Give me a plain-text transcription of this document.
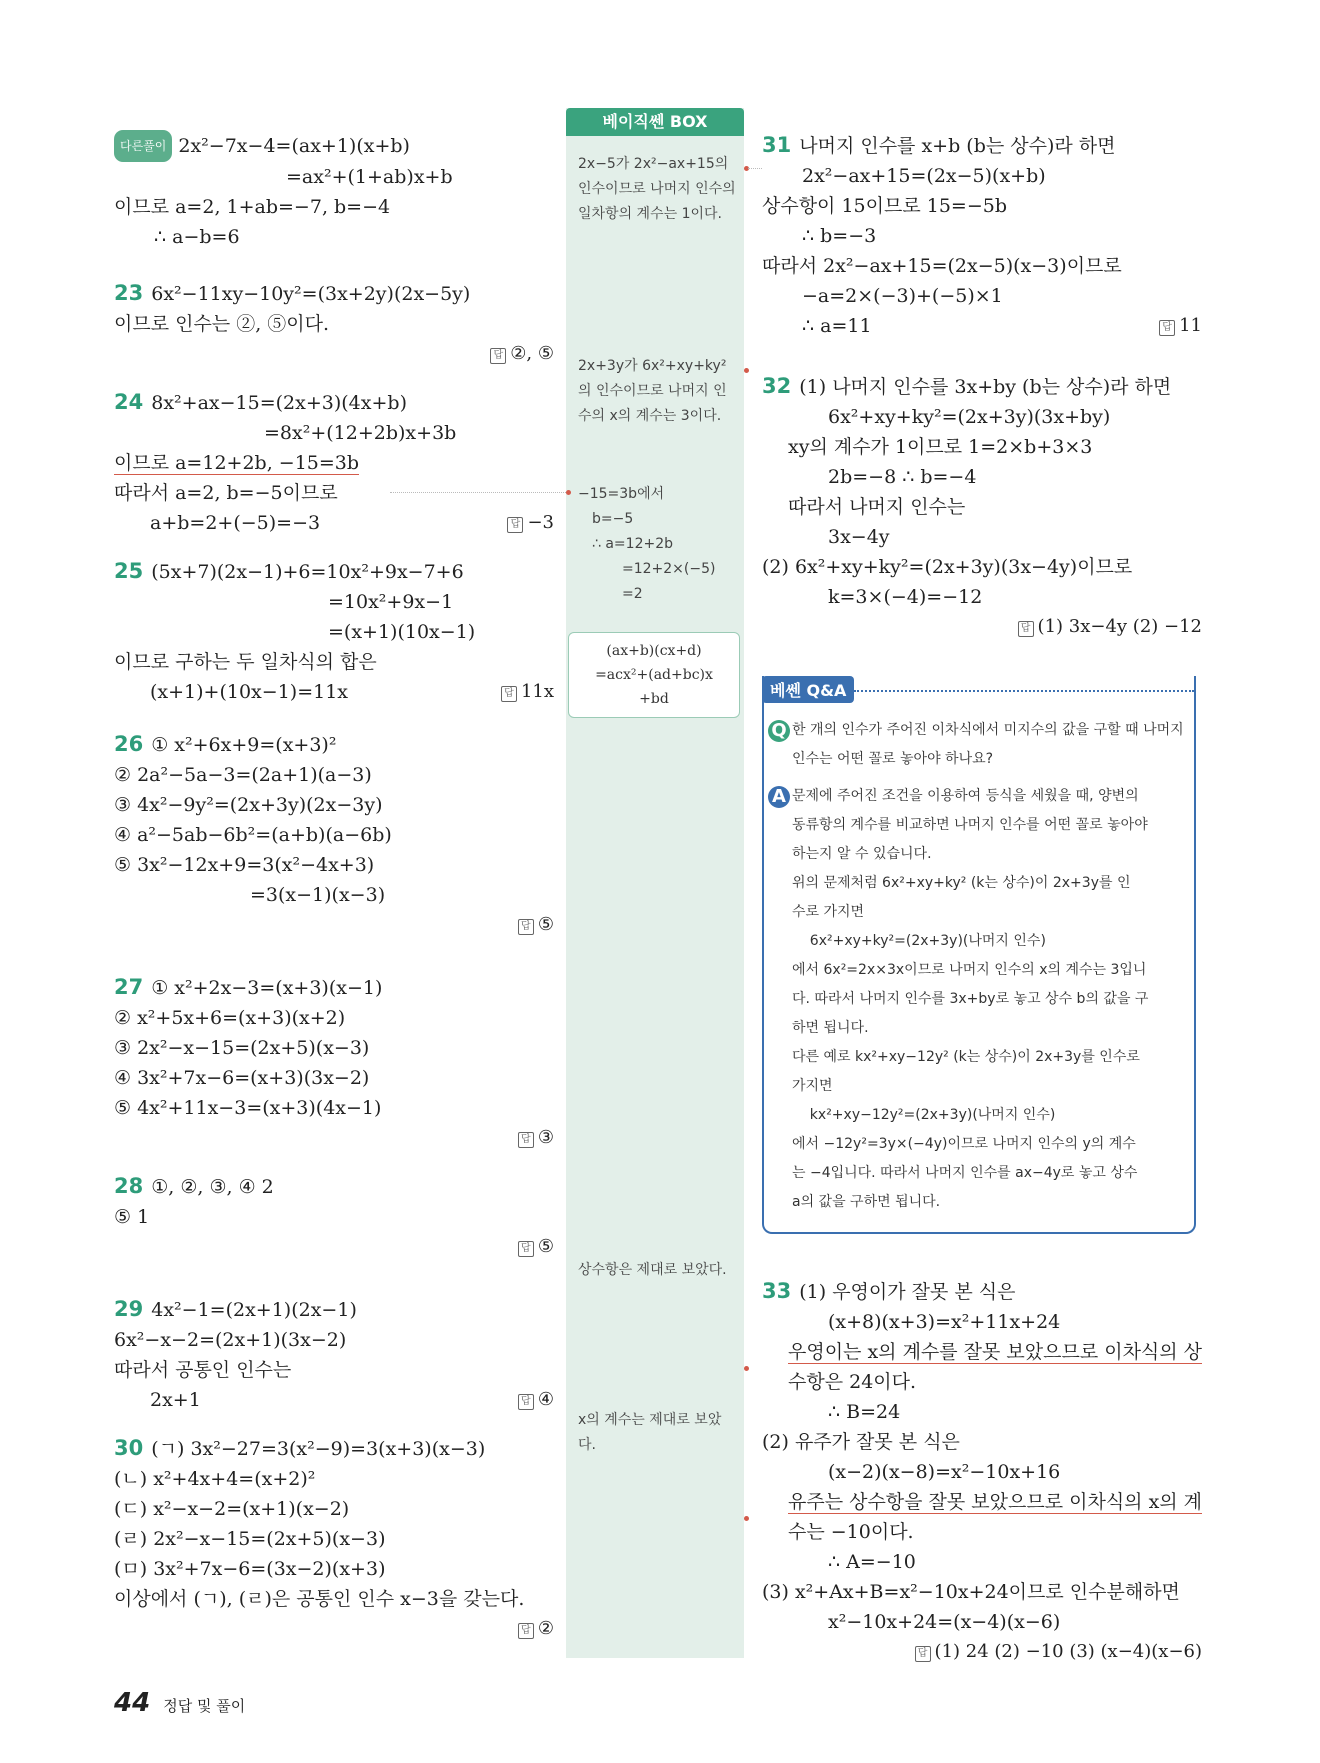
다른풀이 2x²−7x−4=(ax+1)(x+b)
=ax²+(1+ab)x+b
이므로 a=2, 1+ab=−7, b=−4
∴ a−b=6
23 6x²−11xy−10y²=(3x+2y)(2x−5y)
이므로 인수는 ②, ⑤이다.
답 ②, ⑤

24 8x²+ax−15=(2x+3)(4x+b)
=8x²+(12+2b)x+3b
이므로 a=12+2b, −15=3b
따라서 a=2, b=−5이므로
a+b=2+(−5)=−3	답 −3
25 (5x+7)(2x−1)+6=10x²+9x−7+6
=10x²+9x−1
=(x+1)(10x−1)
이므로 구하는 두 일차식의 합은
(x+1)+(10x−1)=11x	답 11x
26 ① x²+6x+9=(x+3)²
② 2a²−5a−3=(2a+1)(a−3)
③ 4x²−9y²=(2x+3y)(2x−3y)
④ a²−5ab−6b²=(a+b)(a−6b)
⑤ 3x²−12x+9=3(x²−4x+3)
=3(x−1)(x−3)
답 ⑤

27 ① x²+2x−3=(x+3)(x−1)
② x²+5x+6=(x+3)(x+2)
③ 2x²−x−15=(2x+5)(x−3)
④ 3x²+7x−6=(x+3)(3x−2)
⑤ 4x²+11x−3=(x+3)(4x−1)
답 ③

28 ①, ②, ③, ④ 2
⑤ 1
답 ⑤

29 4x²−1=(2x+1)(2x−1)
6x²−x−2=(2x+1)(3x−2)
따라서 공통인 인수는
2x+1	답 ④
30 (ㄱ) 3x²−27=3(x²−9)=3(x+3)(x−3)
(ㄴ) x²+4x+4=(x+2)²
(ㄷ) x²−x−2=(x+1)(x−2)
(ㄹ) 2x²−x−15=(2x+5)(x−3)
(ㅁ) 3x²+7x−6=(3x−2)(x+3)
이상에서 (ㄱ), (ㄹ)은 공통인 인수 x−3을 갖는다.
답 ②

베이직쎈 BOX
2x−5가 2x²−ax+15의 인수이므로 나머지 인수의 일차항의 계수는 1이다.
2x+3y가 6x²+xy+ky²의 인수이므로 나머지 인수의 x의 계수는 3이다.
−15=3b에서
b=−5
∴ a=12+2b
=12+2×(−5)
=2
(ax+b)(cx+d)
=acx²+(ad+bc)x
+bd
상수항은 제대로 보았다.
x의 계수는 제대로 보았다.
31 나머지 인수를 x+b (b는 상수)라 하면
2x²−ax+15=(2x−5)(x+b)
상수항이 15이므로 15=−5b
∴ b=−3
따라서 2x²−ax+15=(2x−5)(x−3)이므로
−a=2×(−3)+(−5)×1
∴ a=11	답 11
32 (1) 나머지 인수를 3x+by (b는 상수)라 하면
6x²+xy+ky²=(2x+3y)(3x+by)
xy의 계수가 1이므로 1=2×b+3×3
2b=−8 ∴ b=−4
따라서 나머지 인수는
3x−4y
(2) 6x²+xy+ky²=(2x+3y)(3x−4y)이므로
k=3×(−4)=−12
답 (1) 3x−4y (2) −12

베쎈 Q&A
Q 한 개의 인수가 주어진 이차식에서 미지수의 값을 구할 때 나머지 인수는 어떤 꼴로 놓아야 하나요?
A 문제에 주어진 조건을 이용하여 등식을 세웠을 때, 양변의
동류항의 계수를 비교하면 나머지 인수를 어떤 꼴로 놓아야
하는지 알 수 있습니다.
위의 문제처럼 6x²+xy+ky² (k는 상수)이 2x+3y를 인
수로 가지면
6x²+xy+ky²=(2x+3y)(나머지 인수)
에서 6x²=2x×3x이므로 나머지 인수의 x의 계수는 3입니
다. 따라서 나머지 인수를 3x+by로 놓고 상수 b의 값을 구
하면 됩니다.
다른 예로 kx²+xy−12y² (k는 상수)이 2x+3y를 인수로
가지면
kx²+xy−12y²=(2x+3y)(나머지 인수)
에서 −12y²=3y×(−4y)이므로 나머지 인수의 y의 계수
는 −4입니다. 따라서 나머지 인수를 ax−4y로 놓고 상수
a의 값을 구하면 됩니다.
33 (1) 우영이가 잘못 본 식은
(x+8)(x+3)=x²+11x+24
우영이는 x의 계수를 잘못 보았으므로 이차식의 상
수항은 24이다.
∴ B=24
(2) 유주가 잘못 본 식은
(x−2)(x−8)=x²−10x+16
유주는 상수항을 잘못 보았으므로 이차식의 x의 계
수는 −10이다.
∴ A=−10
(3) x²+Ax+B=x²−10x+24이므로 인수분해하면
x²−10x+24=(x−4)(x−6)
답 (1) 24 (2) −10 (3) (x−4)(x−6)

44 정답 및 풀이
